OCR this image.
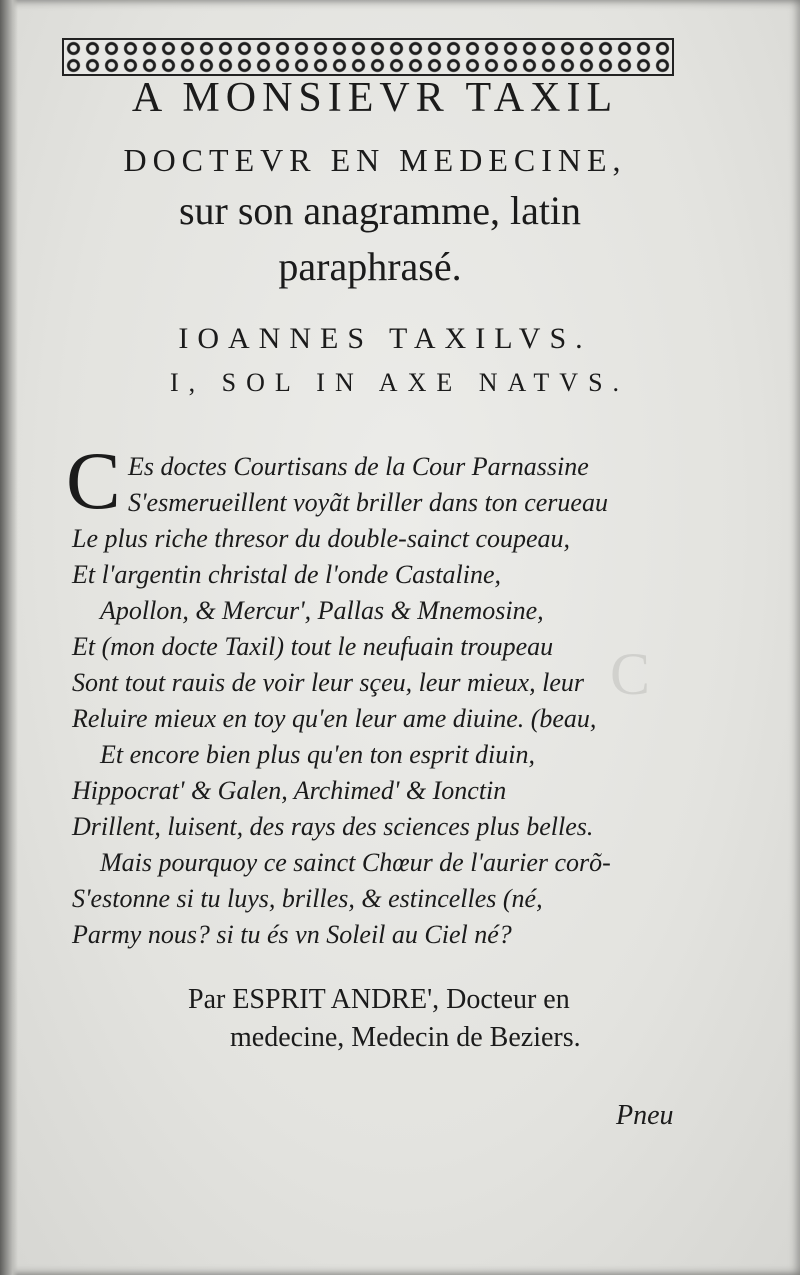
C
A MONSIEVR TAXIL
DOCTEVR EN MEDECINE,
sur son anagramme, latin
paraphrasé.
IOANNES TAXILVS.
I, SOL IN AXE NATVS.
C Es doctes Courtisans de la Cour Parnassine
S'esmerueillent voyãt briller dans ton cerueau
Le plus riche thresor du double-sainct coupeau,
Et l'argentin christal de l'onde Castaline,
Apollon, & Mercur', Pallas & Mnemosine,
Et (mon docte Taxil) tout le neufuain troupeau
Sont tout rauis de voir leur sçeu, leur mieux, leur
Reluire mieux en toy qu'en leur ame diuine. (beau,
Et encore bien plus qu'en ton esprit diuin,
Hippocrat' & Galen, Archimed' & Ionctin
Drillent, luisent, des rays des sciences plus belles.
Mais pourquoy ce sainct Chœur de l'aurier corõ-
S'estonne si tu luys, brilles, & estincelles (né,
Parmy nous? si tu és vn Soleil au Ciel né?
Par ESPRIT ANDRE', Docteur en
medecine, Medecin de Beziers.
Pneu
